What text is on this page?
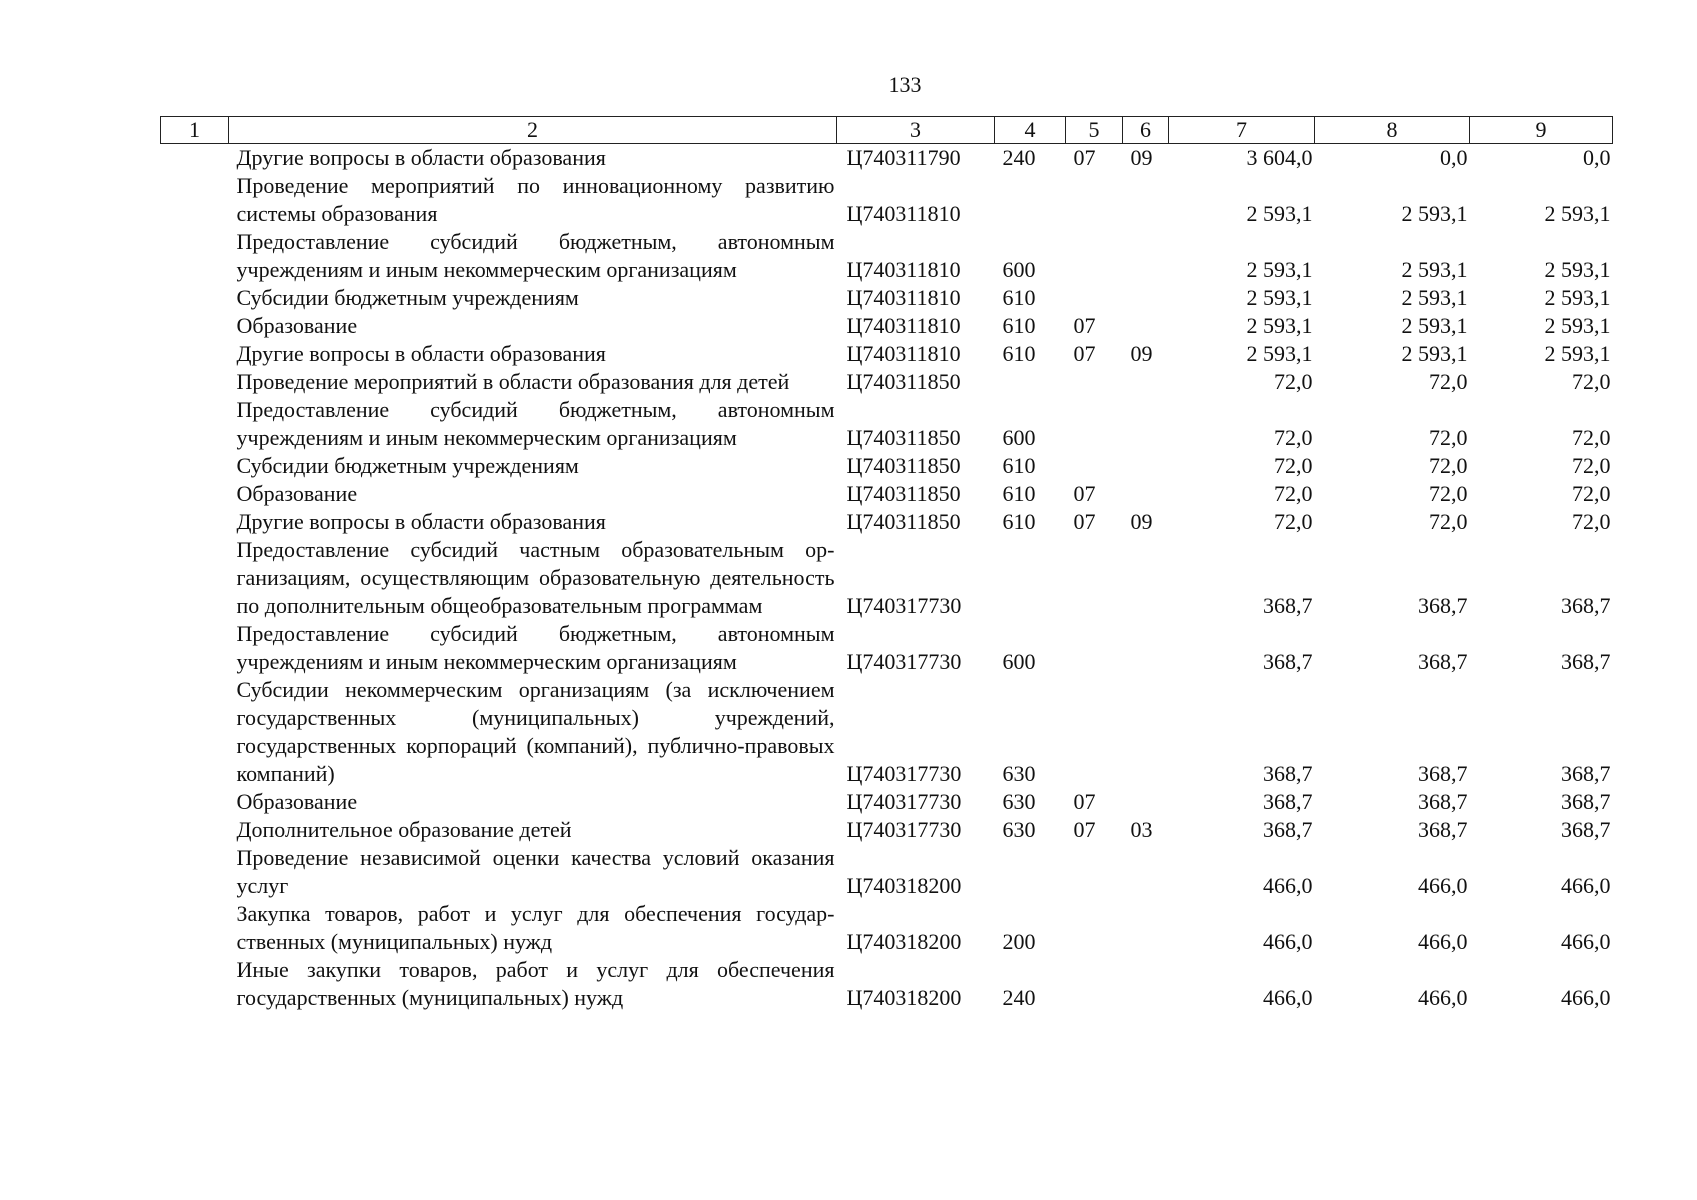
133
1	2	3	4	5	6	7	8	9
	Другие вопросы в области образования	Ц740311790	240	07	09	3 604,0	0,0	0,0
	Проведение мероприятий по инновационному развитию системы образования	Ц740311810				2 593,1	2 593,1	2 593,1
	Предоставление субсидий бюджетным, автономным учреждениям и иным некоммерческим организациям	Ц740311810	600			2 593,1	2 593,1	2 593,1
	Субсидии бюджетным учреждениям	Ц740311810	610			2 593,1	2 593,1	2 593,1
	Образование	Ц740311810	610	07		2 593,1	2 593,1	2 593,1
	Другие вопросы в области образования	Ц740311810	610	07	09	2 593,1	2 593,1	2 593,1
	Проведение мероприятий в области образования для детей	Ц740311850				72,0	72,0	72,0
	Предоставление субсидий бюджетным, автономным учреждениям и иным некоммерческим организациям	Ц740311850	600			72,0	72,0	72,0
	Субсидии бюджетным учреждениям	Ц740311850	610			72,0	72,0	72,0
	Образование	Ц740311850	610	07		72,0	72,0	72,0
	Другие вопросы в области образования	Ц740311850	610	07	09	72,0	72,0	72,0
	Предоставление субсидий частным образовательным организациям, осуществляющим образовательную деятельность по дополнительным общеобразовательным программам	Ц740317730				368,7	368,7	368,7
	Предоставление субсидий бюджетным, автономным учреждениям и иным некоммерческим организациям	Ц740317730	600			368,7	368,7	368,7
	Субсидии некоммерческим организациям (за исключением государственных (муниципальных) учреждений, государственных корпораций (компаний), публично-правовых компаний)	Ц740317730	630			368,7	368,7	368,7
	Образование	Ц740317730	630	07		368,7	368,7	368,7
	Дополнительное образование детей	Ц740317730	630	07	03	368,7	368,7	368,7
	Проведение независимой оценки качества условий оказания услуг	Ц740318200				466,0	466,0	466,0
	Закупка товаров, работ и услуг для обеспечения государственных (муниципальных) нужд	Ц740318200	200			466,0	466,0	466,0
	Иные закупки товаров, работ и услуг для обеспечения государственных (муниципальных) нужд	Ц740318200	240			466,0	466,0	466,0
